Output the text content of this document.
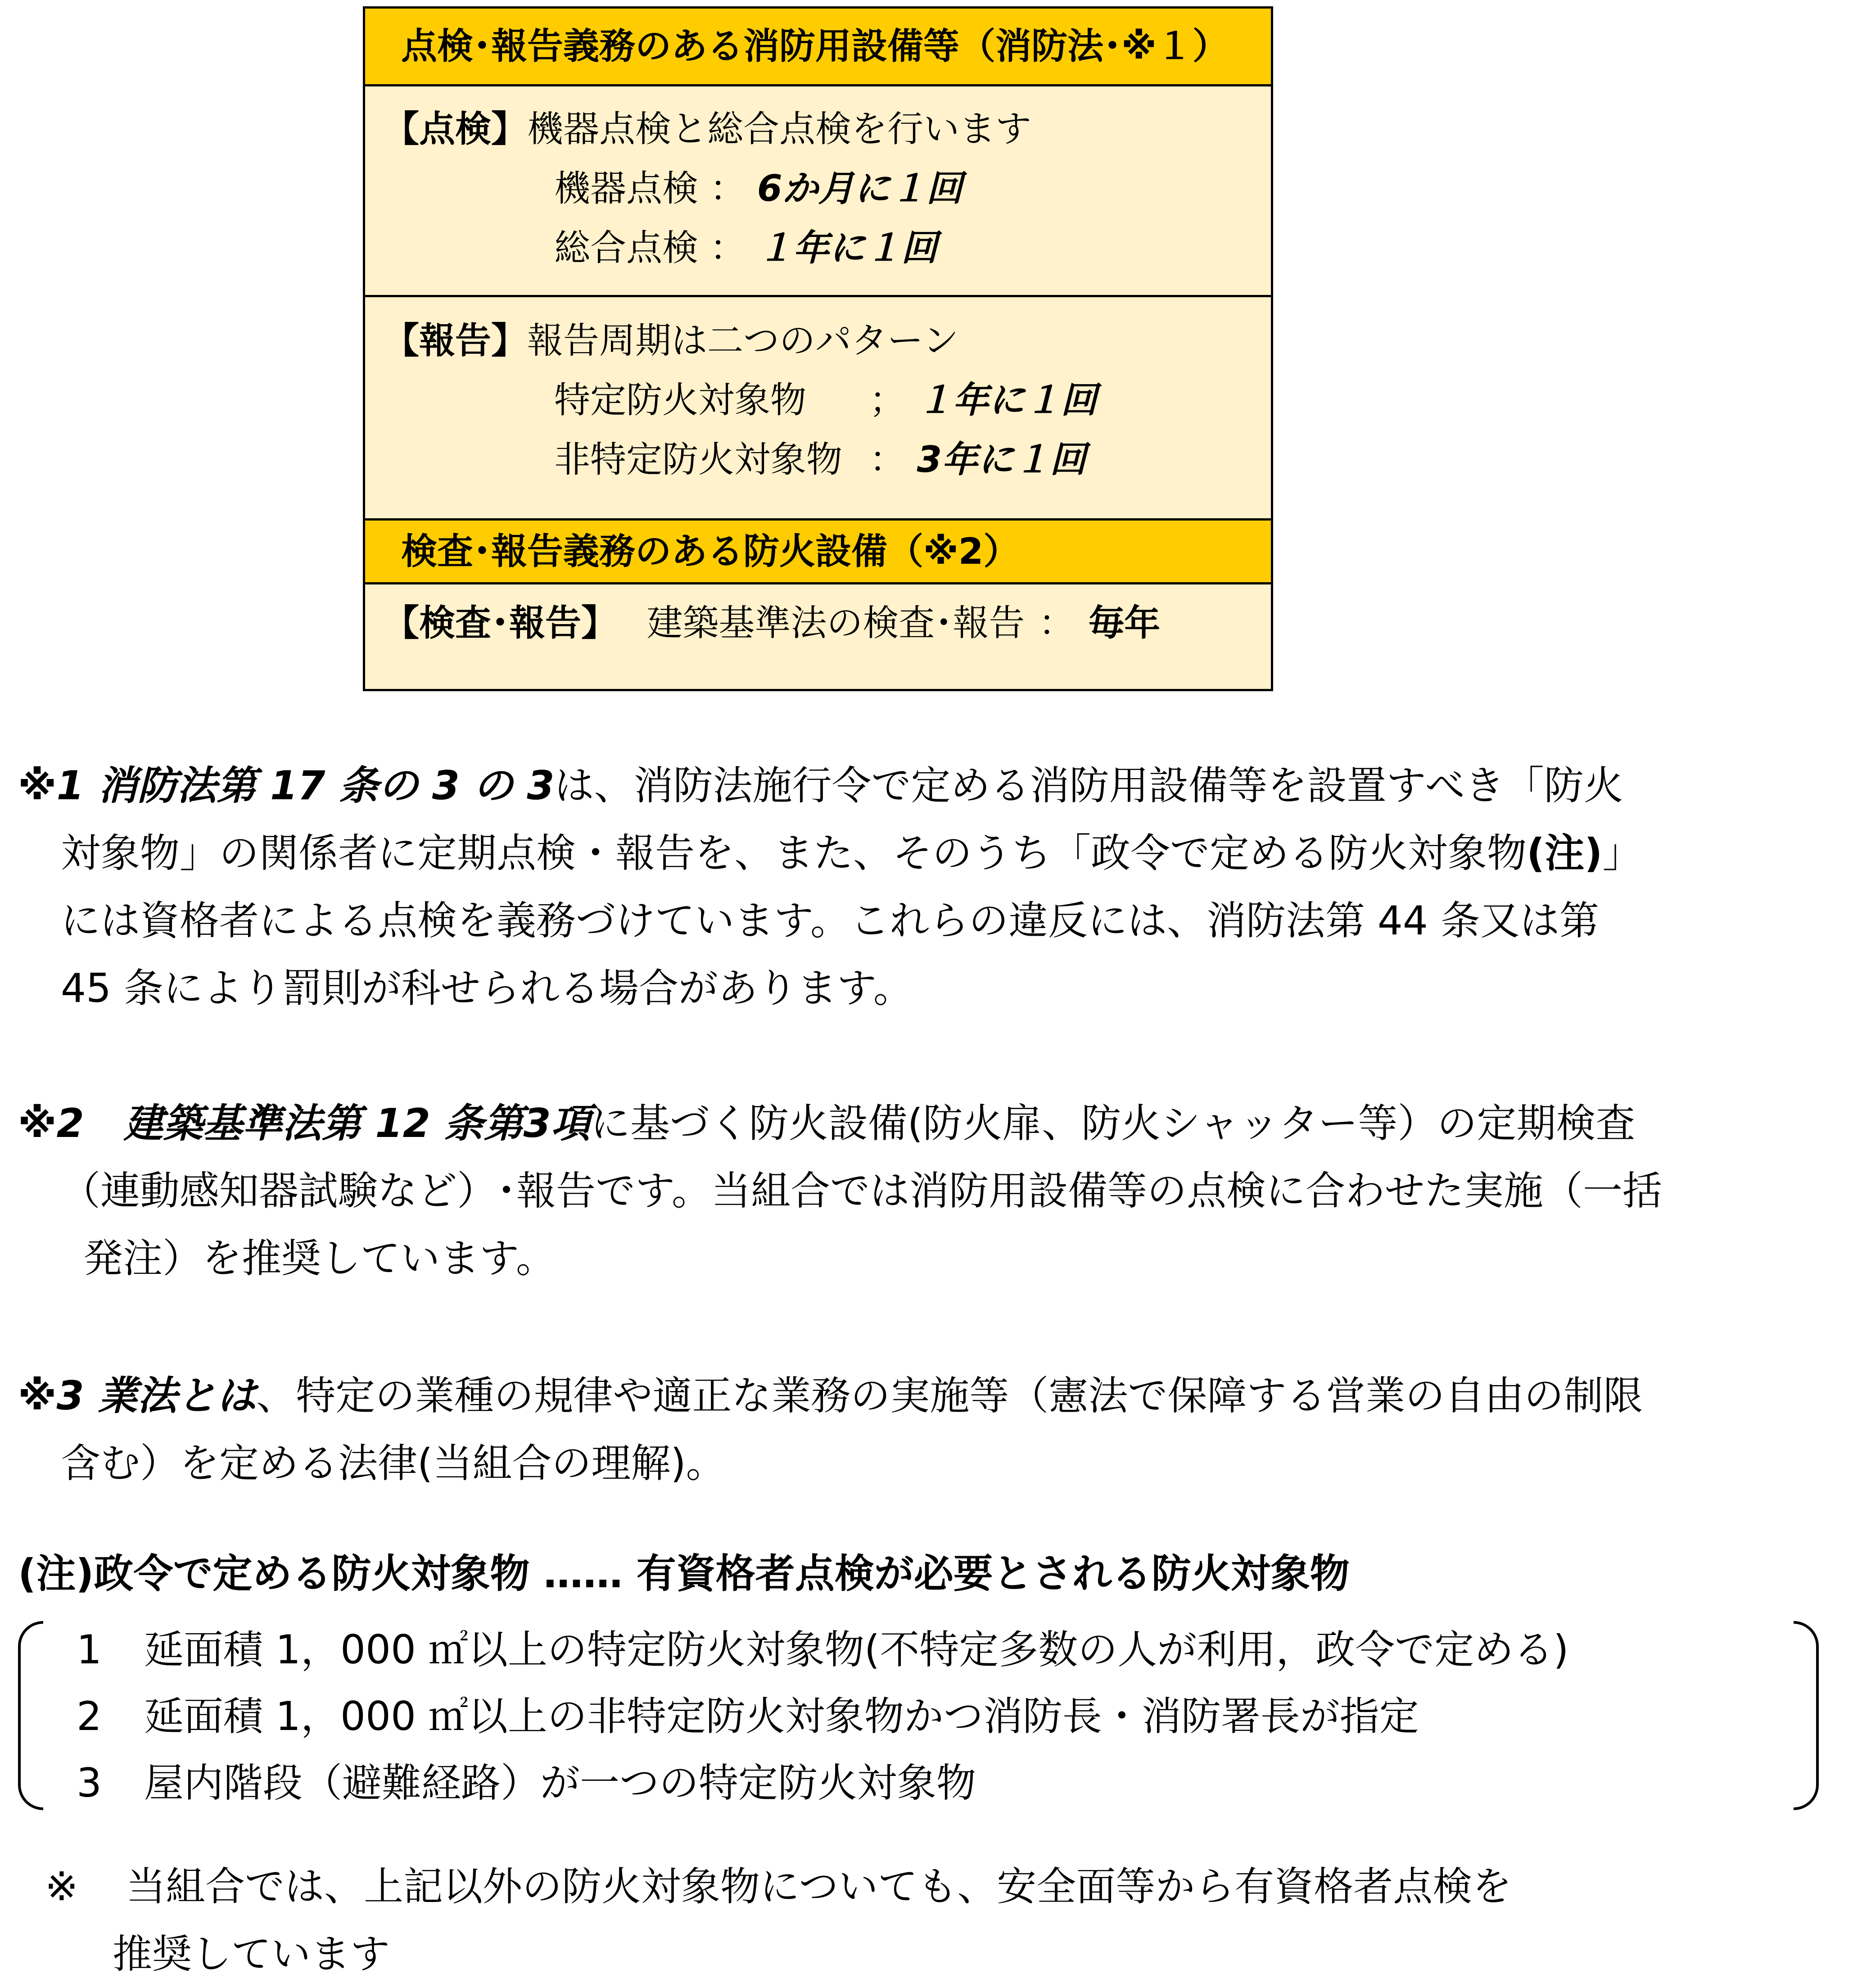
点検･報告義務のある消防用設備等（消防法･※１）
【点検】機器点検と総合点検を行います
機器点検 ： 6か月に１回
総合点検 ： １年に１回
【報告】報告周期は二つのパターン
特定防火対象物 ； １年に１回
非特定防火対象物 ： 3年に１回
検査･報告義務のある防火設備（※2）
【検査･報告】 建築基準法の検査･報告 ： 毎年
※1 消防法第 17 条の 3 の 3は、消防法施行令で定める消防用設備等を設置すべき「防火
対象物」の関係者に定期点検・報告を、また、そのうち「政令で定める防火対象物(注)」
には資格者による点検を義務づけています。これらの違反には、消防法第 44 条又は第
45 条により罰則が科せられる場合があります。
※2　建築基準法第 12 条第3項に基づく防火設備(防火扉、防火シャッター等）の定期検査
（連動感知器試験など）･報告です。当組合では消防用設備等の点検に合わせた実施（一括
発注）を推奨しています。
※3 業法とは、特定の業種の規律や適正な業務の実施等（憲法で保障する営業の自由の制限
含む）を定める法律(当組合の理解)。
(注)政令で定める防火対象物 …… 有資格者点検が必要とされる防火対象物
1 延面積 1，000 ㎡以上の特定防火対象物(不特定多数の人が利用，政令で定める)
2 延面積 1，000 ㎡以上の非特定防火対象物かつ消防長・消防署長が指定
3 屋内階段（避難経路）が一つの特定防火対象物
※ 当組合では、上記以外の防火対象物についても、安全面等から有資格者点検を
推奨しています
